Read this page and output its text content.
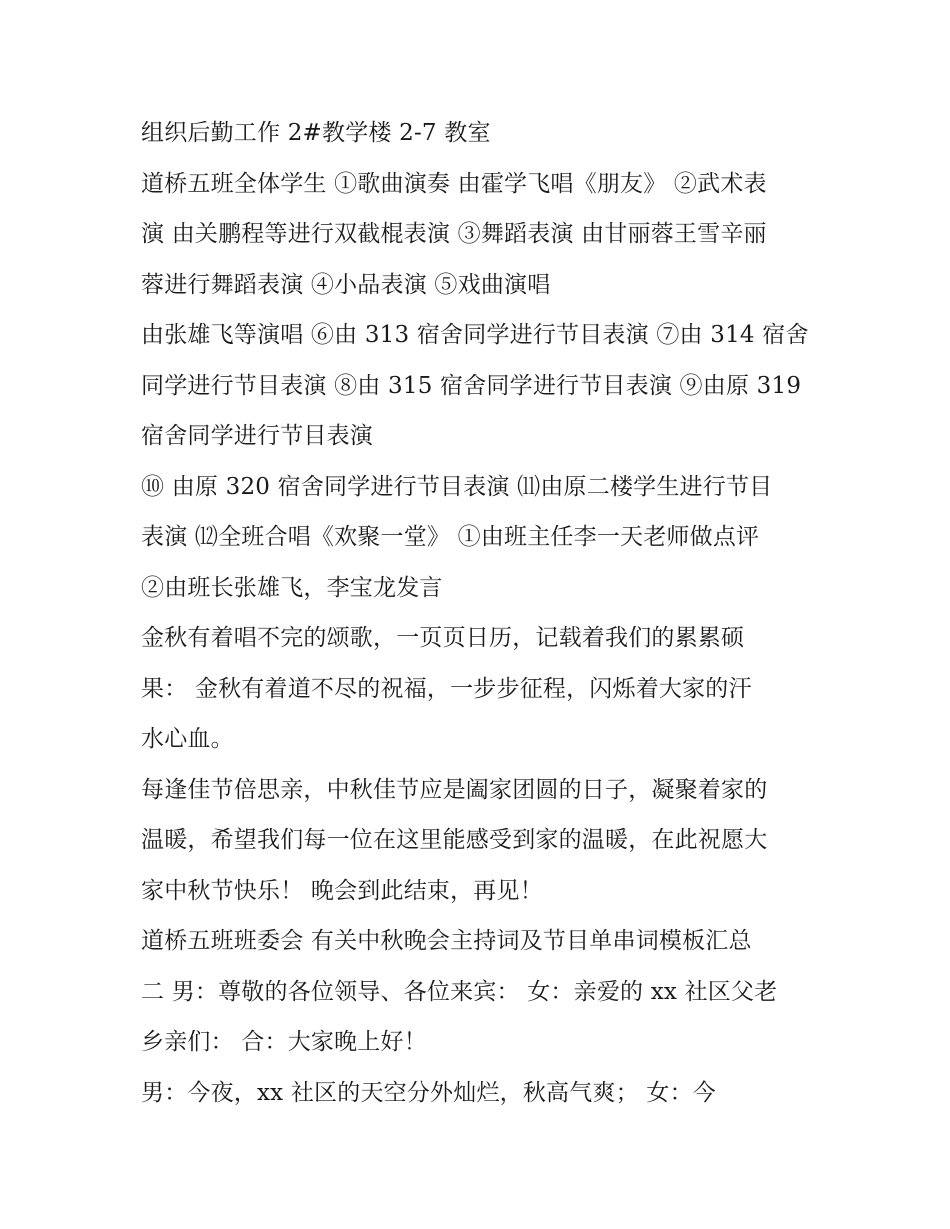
组织后勤工作 2#教学楼 2-7 教室
道桥五班全体学生 ①歌曲演奏 由霍学飞唱《朋友》 ②武术表
演 由关鹏程等进行双截棍表演 ③舞蹈表演 由甘丽蓉王雪辛丽
蓉进行舞蹈表演 ④小品表演 ⑤戏曲演唱
由张雄飞等演唱 ⑥由 313 宿舍同学进行节目表演 ⑦由 314 宿舍
同学进行节目表演 ⑧由 315 宿舍同学进行节目表演 ⑨由原 319
宿舍同学进行节目表演
⑩ 由原 320 宿舍同学进行节目表演 ⑾由原二楼学生进行节目
表演 ⑿全班合唱《欢聚一堂》 ①由班主任李一天老师做点评
②由班长张雄飞，李宝龙发言
金秋有着唱不完的颂歌，一页页日历，记载着我们的累累硕
果： 金秋有着道不尽的祝福，一步步征程，闪烁着大家的汗
水心血。
每逢佳节倍思亲，中秋佳节应是阖家团圆的日子，凝聚着家的
温暖，希望我们每一位在这里能感受到家的温暖，在此祝愿大
家中秋节快乐！ 晚会到此结束，再见！
道桥五班班委会 有关中秋晚会主持词及节目单串词模板汇总
二 男：尊敬的各位领导、各位来宾： 女：亲爱的 xx 社区父老
乡亲们： 合：大家晚上好！
男：今夜，xx 社区的天空分外灿烂，秋高气爽； 女：今
